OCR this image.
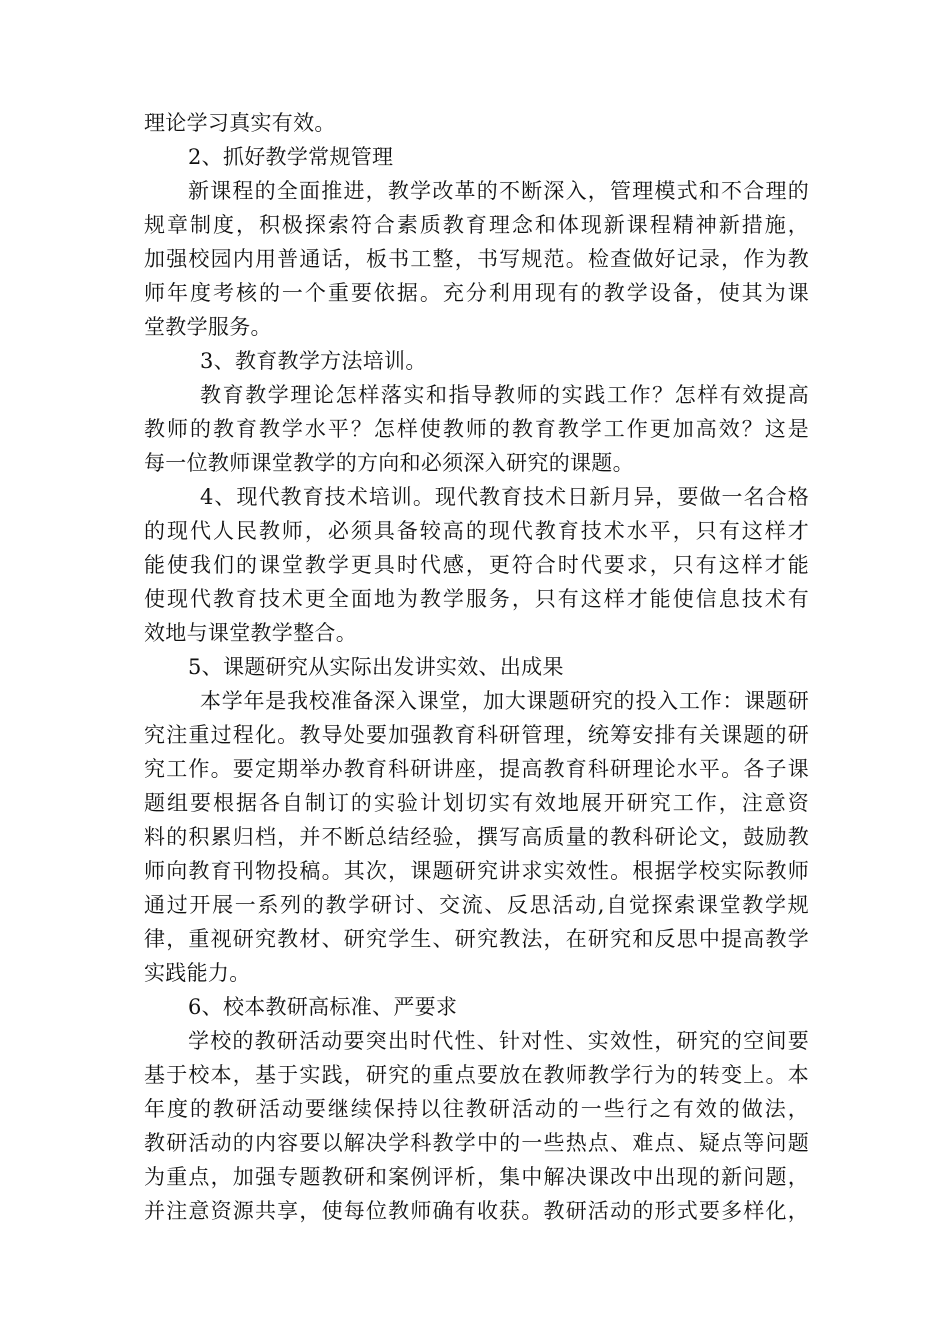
理论学习真实有效。
2、抓好教学常规管理
新课程的全面推进，教学改革的不断深入，管理模式和不合理的
规章制度，积极探索符合素质教育理念和体现新课程精神新措施，
加强校园内用普通话，板书工整，书写规范。检查做好记录，作为教
师年度考核的一个重要依据。充分利用现有的教学设备，使其为课
堂教学服务。
3、教育教学方法培训。
教育教学理论怎样落实和指导教师的实践工作？怎样有效提高
教师的教育教学水平？怎样使教师的教育教学工作更加高效？这是
每一位教师课堂教学的方向和必须深入研究的课题。
4、现代教育技术培训。现代教育技术日新月异，要做一名合格
的现代人民教师，必须具备较高的现代教育技术水平，只有这样才
能使我们的课堂教学更具时代感，更符合时代要求，只有这样才能
使现代教育技术更全面地为教学服务，只有这样才能使信息技术有
效地与课堂教学整合。
5、课题研究从实际出发讲实效、出成果
本学年是我校准备深入课堂，加大课题研究的投入工作：课题研
究注重过程化。教导处要加强教育科研管理，统筹安排有关课题的研
究工作。要定期举办教育科研讲座，提高教育科研理论水平。各子课
题组要根据各自制订的实验计划切实有效地展开研究工作，注意资
料的积累归档，并不断总结经验，撰写高质量的教科研论文，鼓励教
师向教育刊物投稿。其次，课题研究讲求实效性。根据学校实际教师
通过开展一系列的教学研讨、交流、反思活动,自觉探索课堂教学规
律，重视研究教材、研究学生、研究教法，在研究和反思中提高教学
实践能力。
6、校本教研高标准、严要求
学校的教研活动要突出时代性、针对性、实效性，研究的空间要
基于校本，基于实践，研究的重点要放在教师教学行为的转变上。本
年度的教研活动要继续保持以往教研活动的一些行之有效的做法，
教研活动的内容要以解决学科教学中的一些热点、难点、疑点等问题
为重点，加强专题教研和案例评析，集中解决课改中出现的新问题，
并注意资源共享，使每位教师确有收获。教研活动的形式要多样化，
